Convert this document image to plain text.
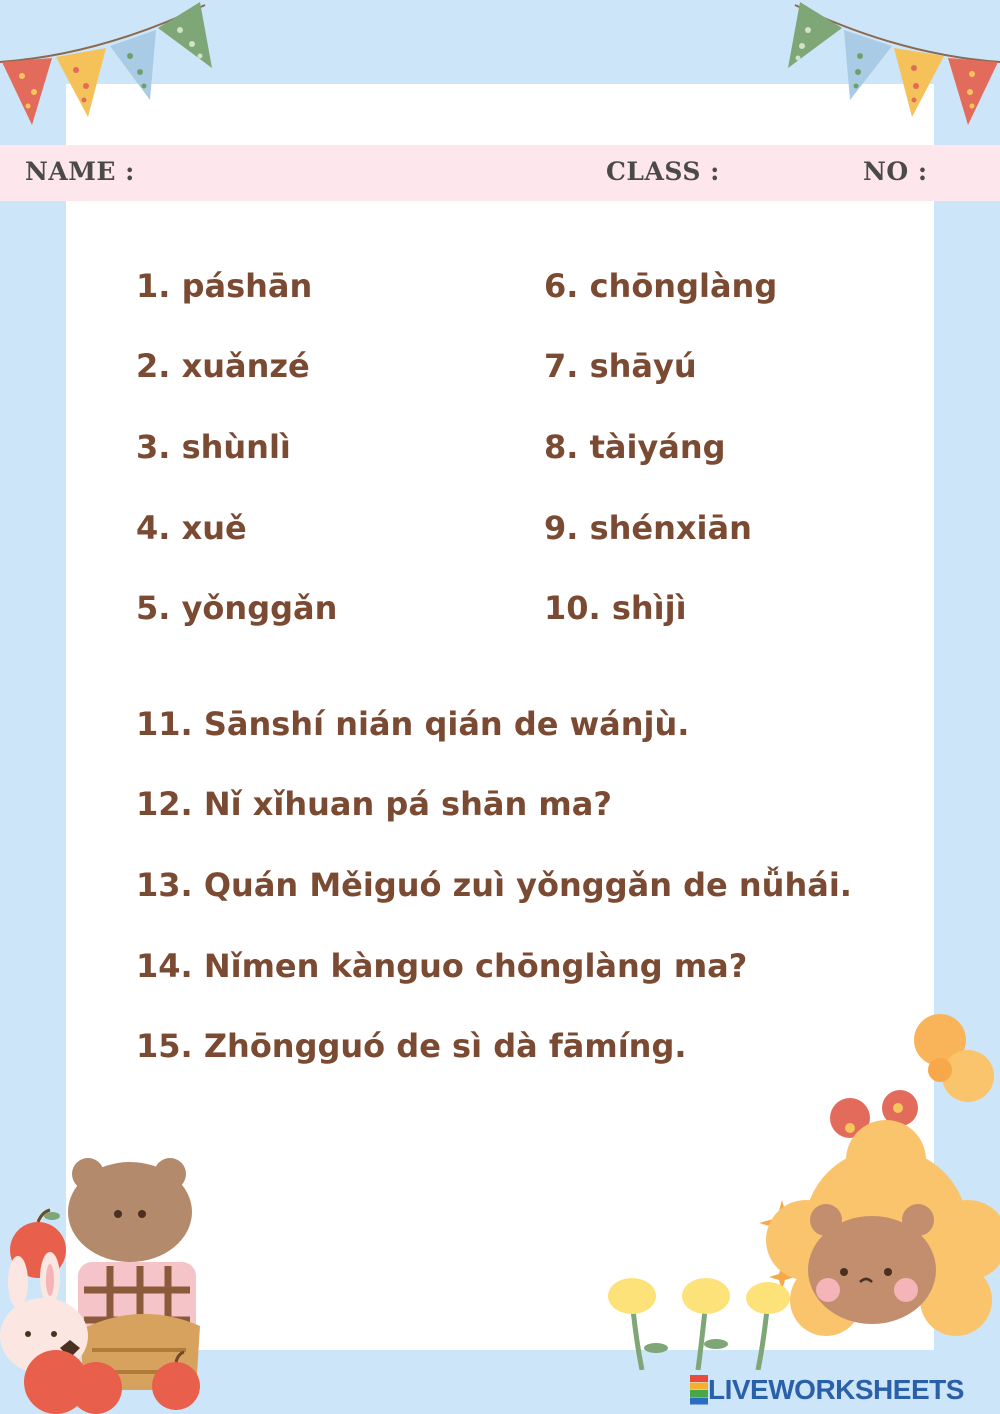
NAME :	CLASS :	NO :
1. páshān
2. xuǎnzé
3. shùnlì
4. xuě
5. yǒnggǎn
6. chōnglàng
7. shāyú
8. tàiyáng
9. shénxiān
10. shìjì
11. Sānshí nián qián de wánjù.
12. Nǐ xǐhuan pá shān ma?
13. Quán Měiguó zuì yǒnggǎn de nǚhái.
14. Nǐmen kànguo chōnglàng ma?
15. Zhōngguó de sì dà fāmíng.
LIVEWORKSHEETS
